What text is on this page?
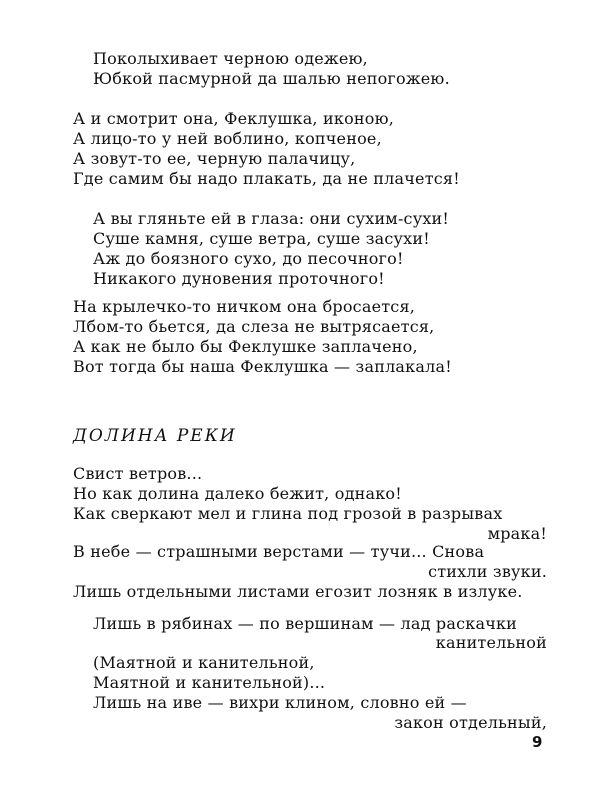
Поколыхивает черною одежею,
Юбкой пасмурной да шалью непогожею.
А и смотрит она, Феклушка, иконою,
А лицо-то у ней воблино, копченое,
А зовут-то ее, черную палачицу,
Где самим бы надо плакать, да не плачется!
А вы гляньте ей в глаза: они сухим-сухи!
Суше камня, суше ветра, суше засухи!
Аж до боязного сухо, до песочного!
Никакого дуновения проточного!
На крылечко-то ничком она бросается,
Лбом-то бьется, да слеза не вытрясается,
А как не было бы Феклушке заплачено,
Вот тогда бы наша Феклушка — заплакала!
ДОЛИНА РЕКИ
Свист ветров...
Но как долина далеко бежит, однако!
Как сверкают мел и глина под грозой в разрывах
мрака!
В небе — страшными верстами — тучи... Снова
стихли звуки.
Лишь отдельными листами егозит лозняк в излуке.
Лишь в рябинах — по вершинам — лад раскачки
канительной
(Маятной и канительной,
Маятной и канительной)...
Лишь на иве — вихри клином, словно ей —
закон отдельный,
9
